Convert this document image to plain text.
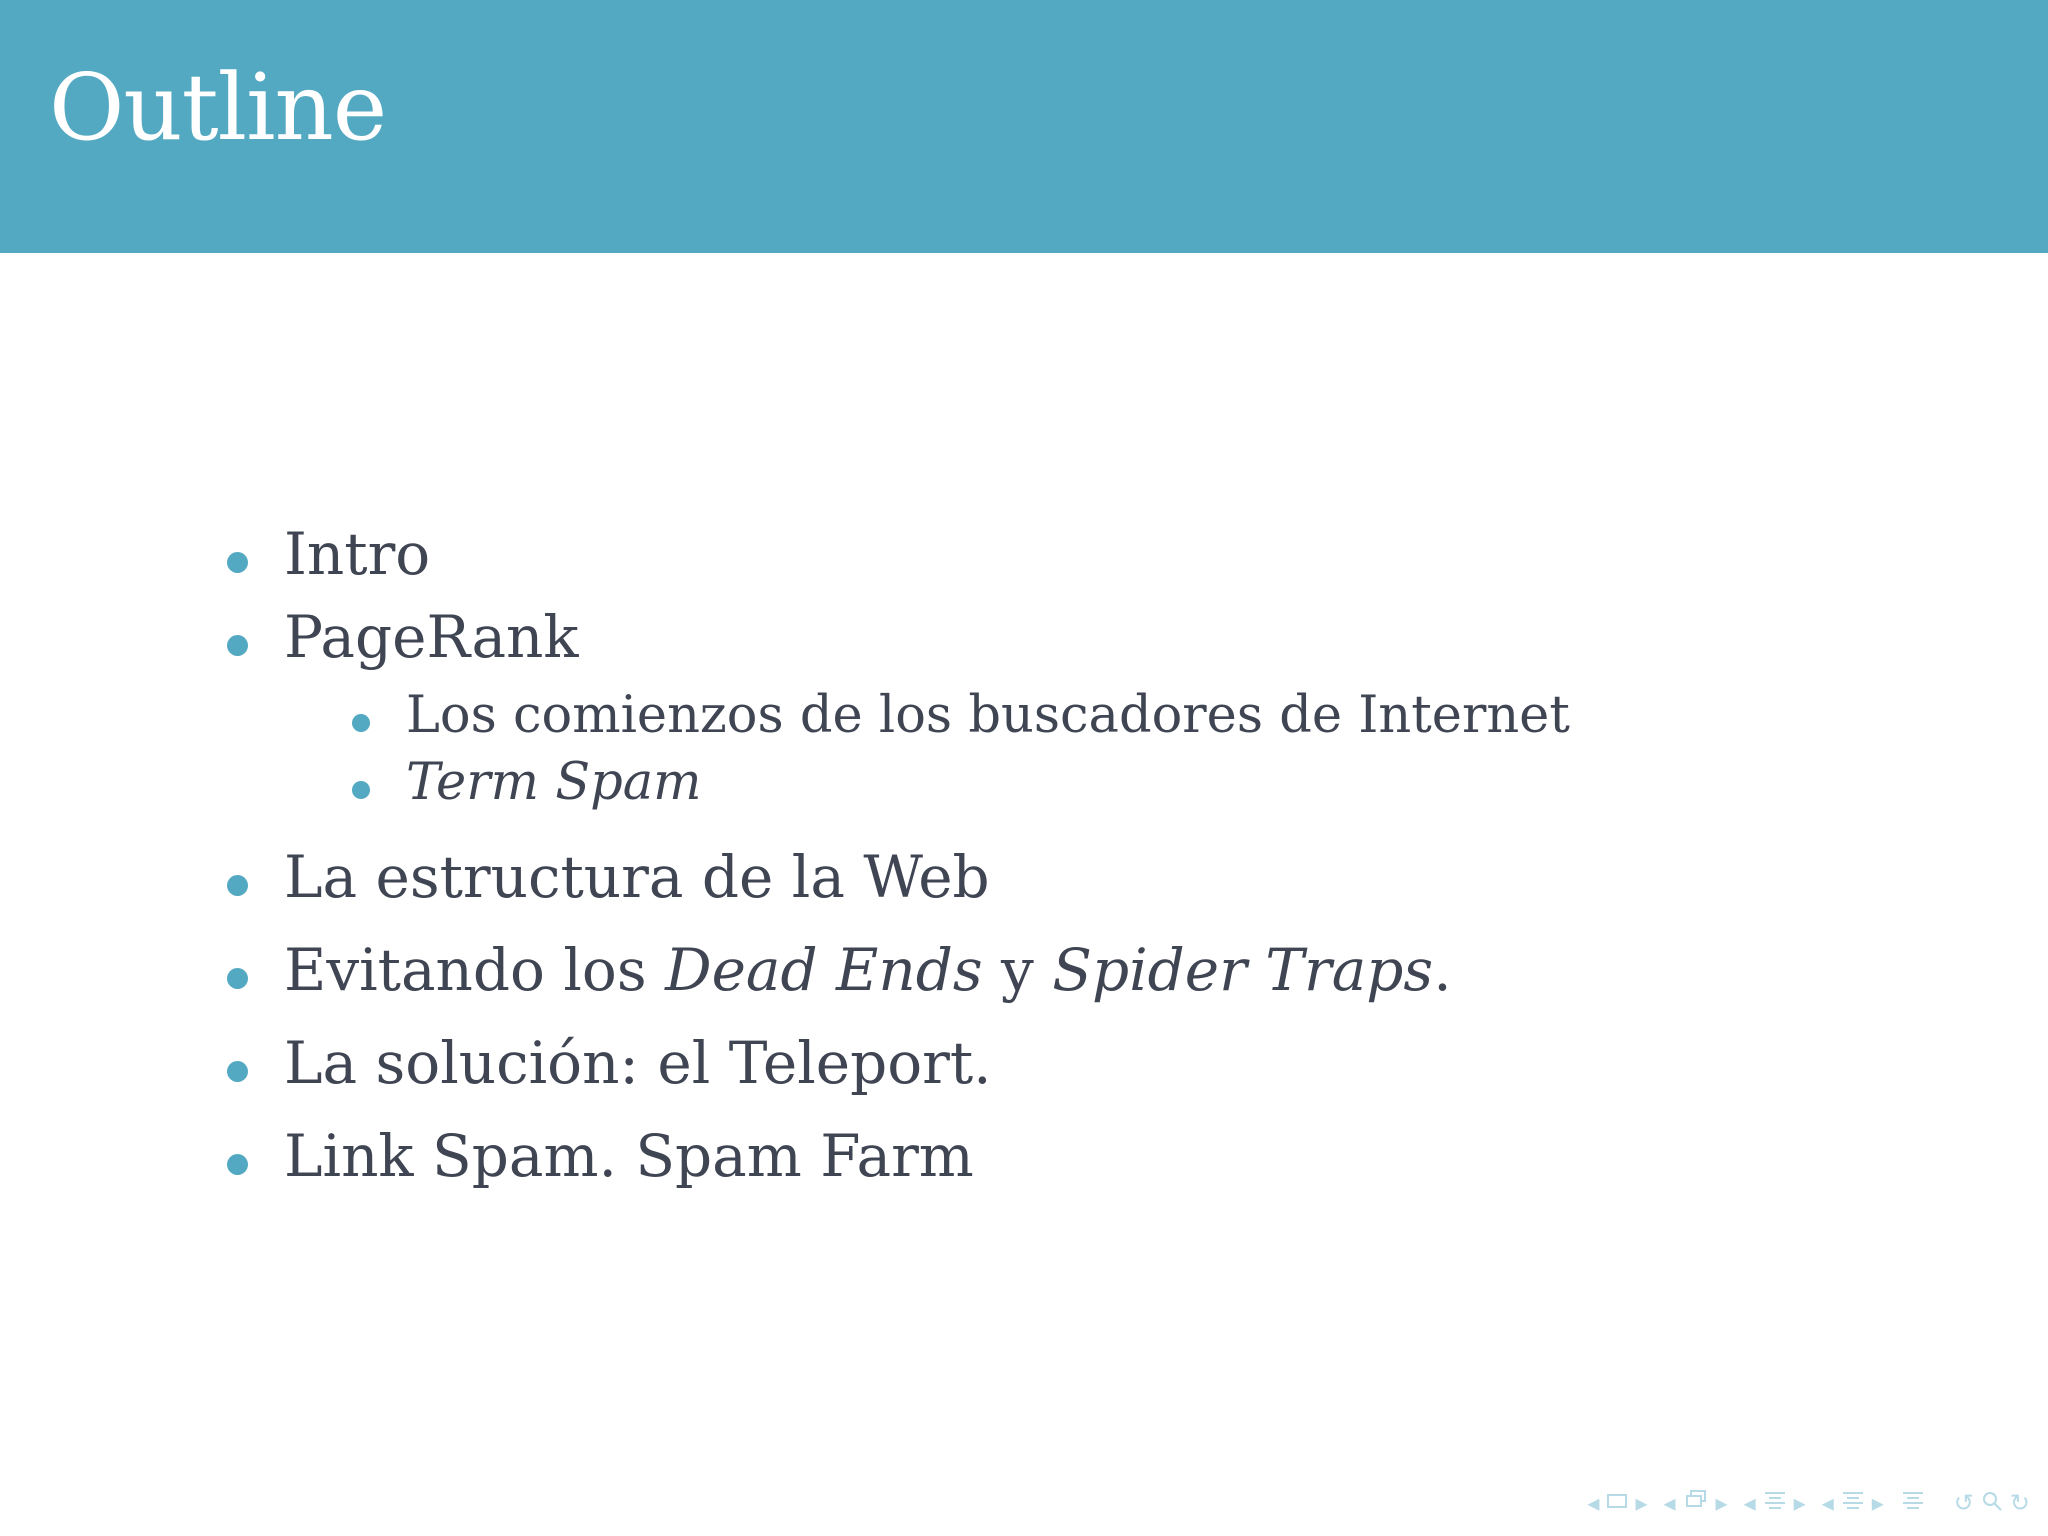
Outline
Intro
PageRank
Los comienzos de los buscadores de Internet
Term Spam
La estructura de la Web
Evitando los Dead Ends y Spider Traps.
La solución: el Teleport.
Link Spam. Spam Farm
◂ ▸ ◂ ▸ ◂ ▸ ◂ ▸	↺ ↻
